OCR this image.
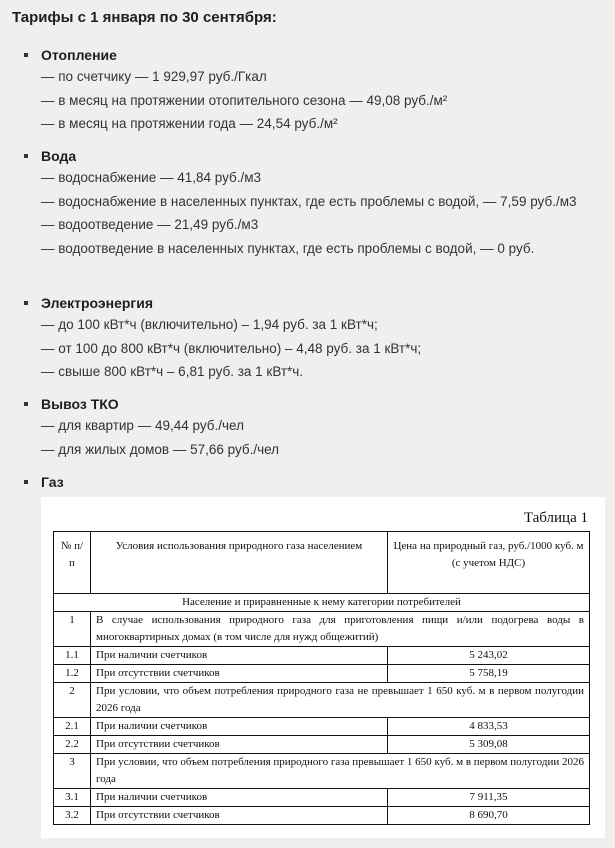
Тарифы с 1 января по 30 сентября:
Отопление
— по счетчику — 1 929,97 руб./Гкал
— в месяц на протяжении отопительного сезона — 49,08 руб./м²
— в месяц на протяжении года — 24,54 руб./м²
Вода
— водоснабжение — 41,84 руб./м3
— водоснабжение в населенных пунктах, где есть проблемы с водой, — 7,59 руб./м3
— водоотведение — 21,49 руб./м3
— водоотведение в населенных пунктах, где есть проблемы с водой, — 0 руб.
Электроэнергия
— до 100 кВт*ч (включительно) – 1,94 руб. за 1 кВт*ч;
— от 100 до 800 кВт*ч (включительно) – 4,48 руб. за 1 кВт*ч;
— свыше 800 кВт*ч – 6,81 руб. за 1 кВт*ч.
Вывоз ТКО
— для квартир — 49,44 руб./чел
— для жилых домов — 57,66 руб./чел
Газ
Таблица 1
№ п/п	Условия использования природного газа населением	Цена на природный газ, руб./1000 куб. м (с учетом НДС)
Население и приравненные к нему категории потребителей		
1	В случае использования природного газа для приготовления пищи и/или подогрева воды в многоквартирных домах (в том числе для нужд общежитий)	
1.1	При наличии счетчиков	5 243,02
1.2	При отсутствии счетчиков	5 758,19
2	При условии, что объем потребления природного газа не превышает 1 650 куб. м в первом полугодии 2026 года	
2.1	При наличии счетчиков	4 833,53
2.2	При отсутствии счетчиков	5 309,08
3	При условии, что объем потребления природного газа превышает 1 650 куб. м в первом полугодии 2026 года	
3.1	При наличии счетчиков	7 911,35
3.2	При отсутствии счетчиков	8 690,70
